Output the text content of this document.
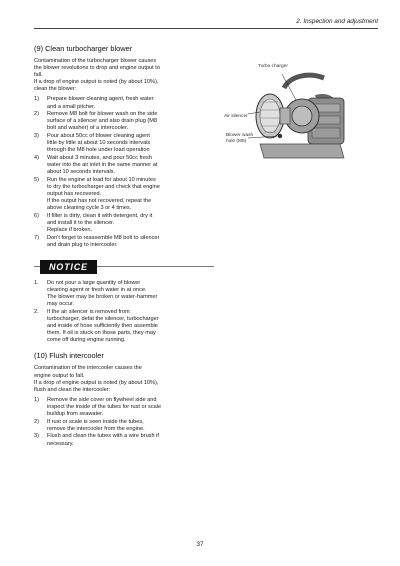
2. Inspection and adjustment
(9) Clean turbocharger blower

Contamination of the turbocharger blower causes
the blower revolutions to drop and engine output to
fall.
If a drop of engine output is noted (by about 10%),
clean the blower:

1) Prepare blower cleaning agent, fresh water
and a small pitcher.
2) Remove M8 bolt for blower wash on the side
surface of a silencer and also drain plug (M8
bolt and washer) of a intercooler.
3) Pour about 50cc of blower cleaning agent
little by little at about 10 seconds intervals
through the M8 hole under load operation
4) Wait about 3 minutes, and pour 50cc fresh
water into the air inlet in the same manner at
about 10 seconds intervals.
5) Run the engine at load for about 10 minutes
to dry the turbocharger and check that engine
output has recovered.
If the output has not recovered, repeat the
above cleaning cycle 3 or 4 times.
6) If filter is dirty, clean it with detergent, dry it
and install it to the silencer.
Replace if broken.
7) Don't forget to reassemble M8 bolt to silencer
and drain plug to intercooler.
NOTICE
1. Do not pour a large quantity of blower
cleaning agent or fresh water in at once.
The blower may be broken or water-hammer
may occur.
2. If the air silencer is removed from
turbocharger, defat the silencer, turbocharger
and inside of hose sufficiently then assemble
them. If oil is stuck on those parts, they may
come off during engine running.
(10) Flush intercooler

Contamination of the intercooler causes the
engine output to fall.
If a drop of engine output is noted (by about 10%),
flush and clean the intercooler:

1) Remove the side cover on flywheel side and
inspect the inside of the tubes for rust or scale
buildup from seawater.
2) If rust or scale is seen inside the tubes,
remove the intercooler from the engine.
3) Flush and clean the tubes with a wire brush if
necessary.
Turbo charger
Air silencer
Blower wash
hole (M8)
37
